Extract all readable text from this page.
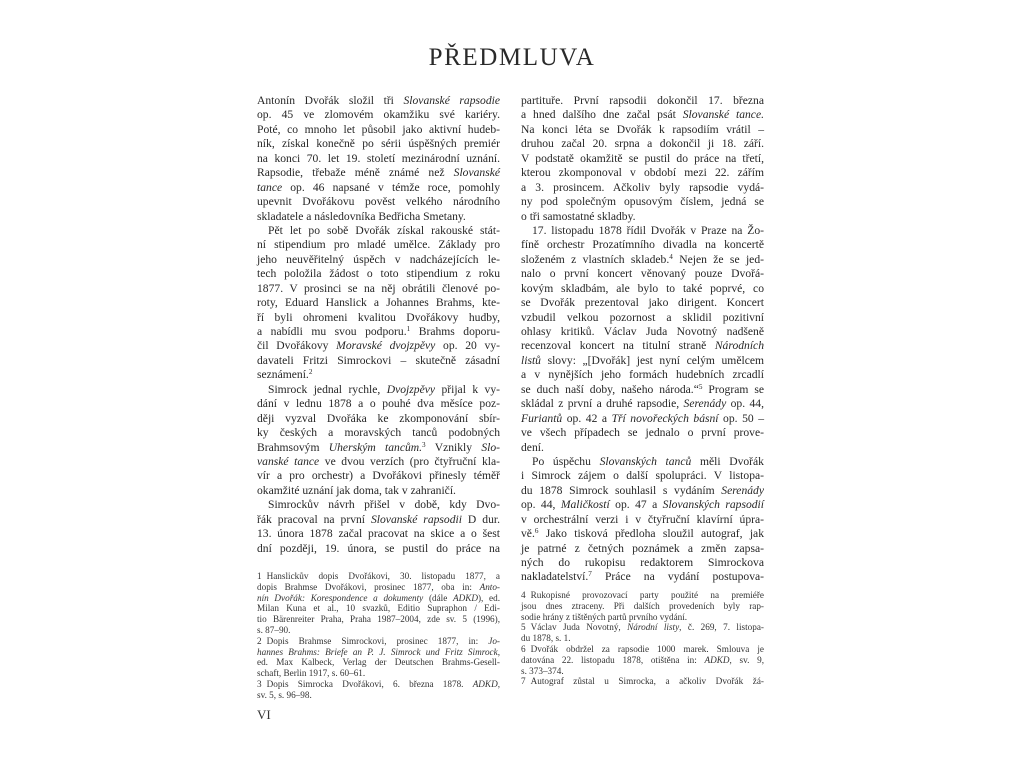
PŘEDMLUVA
Antonín Dvořák složil tři Slovanské rapsodie
op. 45 ve zlomovém okamžiku své kariéry.
Poté, co mnoho let působil jako aktivní hudeb-
ník, získal konečně po sérii úspěšných premiér
na konci 70. let 19. století mezinárodní uznání.
Rapsodie, třebaže méně známé než Slovanské
tance op. 46 napsané v témže roce, pomohly
upevnit Dvořákovu pověst velkého národního
skladatele a následovníka Bedřicha Smetany.
Pět let po sobě Dvořák získal rakouské stát-
ní stipendium pro mladé umělce. Základy pro
jeho neuvěřitelný úspěch v nadcházejících le-
tech položila žádost o toto stipendium z roku
1877. V prosinci se na něj obrátili členové po-
roty, Eduard Hanslick a Johannes Brahms, kte-
ří byli ohromeni kvalitou Dvořákovy hudby,
a nabídli mu svou podporu.$^1$ Brahms doporu-
čil Dvořákovy Moravské dvojzpěvy op. 20 vy-
davateli Fritzi Simrockovi – skutečně zásadní
seznámení.$^2$
Simrock jednal rychle, Dvojzpěvy přijal k vy-
dání v lednu 1878 a o pouhé dva měsíce poz-
ději vyzval Dvořáka ke zkomponování sbír-
ky českých a moravských tanců podobných
Brahmsovým Uherským tancům.$^3$ Vznikly Slo-
vanské tance ve dvou verzích (pro čtyřruční kla-
vír a pro orchestr) a Dvořákovi přinesly téměř
okamžité uznání jak doma, tak v zahraničí.
Simrockův návrh přišel v době, kdy Dvo-
řák pracoval na první Slovanské rapsodii D dur.
13. února 1878 začal pracovat na skice a o šest
dní později, 19. února, se pustil do práce na
partituře. První rapsodii dokončil 17. března
a hned dalšího dne začal psát Slovanské tance.
Na konci léta se Dvořák k rapsodiím vrátil –
druhou začal 20. srpna a dokončil ji 18. září.
V podstatě okamžitě se pustil do práce na třetí,
kterou zkomponoval v období mezi 22. zářím
a 3. prosincem. Ačkoliv byly rapsodie vydá-
ny pod společným opusovým číslem, jedná se
o tři samostatné skladby.
17. listopadu 1878 řídil Dvořák v Praze na Žo-
fíně orchestr Prozatímního divadla na koncertě
složeném z vlastních skladeb.$^4$ Nejen že se jed-
nalo o první koncert věnovaný pouze Dvořá-
kovým skladbám, ale bylo to také poprvé, co
se Dvořák prezentoval jako dirigent. Koncert
vzbudil velkou pozornost a sklidil pozitivní
ohlasy kritiků. Václav Juda Novotný nadšeně
recenzoval koncert na titulní straně Národních
listů slovy: „[Dvořák] jest nyní celým umělcem
a v nynějších jeho formách hudebních zrcadlí
se duch naší doby, našeho národa.“$^5$ Program se
skládal z první a druhé rapsodie, Serenády op. 44,
Furiantů op. 42 a Tří novořeckých básní op. 50 –
ve všech případech se jednalo o první prove-
dení.
Po úspěchu Slovanských tanců měli Dvořák
i Simrock zájem o další spolupráci. V listopa-
du 1878 Simrock souhlasil s vydáním Serenády
op. 44, Maličkostí op. 47 a Slovanských rapsodií
v orchestrální verzi i v čtyřruční klavírní úpra-
vě.$^6$ Jako tisková předloha sloužil autograf, jak
je patrné z četných poznámek a změn zapsa-
ných do rukopisu redaktorem Simrockova
nakladatelství.$^7$ Práce na vydání postupova-
1 Hanslickův dopis Dvořákovi, 30. listopadu 1877, a
dopis Brahmse Dvořákovi, prosinec 1877, oba in: Anto-
nín Dvořák: Korespondence a dokumenty (dále ADKD), ed.
Milan Kuna et al., 10 svazků, Editio Supraphon / Edi-
tio Bärenreiter Praha, Praha 1987–2004, zde sv. 5 (1996),
s. 87–90.
2 Dopis Brahmse Simrockovi, prosinec 1877, in: Jo-
hannes Brahms: Briefe an P. J. Simrock und Fritz Simrock,
ed. Max Kalbeck, Verlag der Deutschen Brahms-Gesell-
schaft, Berlin 1917, s. 60–61.
3 Dopis Simrocka Dvořákovi, 6. března 1878. ADKD,
sv. 5, s. 96–98.
4 Rukopisné provozovací party použité na premiéře
jsou dnes ztraceny. Při dalších provedeních byly rap-
sodie hrány z tištěných partů prvního vydání.
5 Václav Juda Novotný, Národní listy, č. 269, 7. listopa-
du 1878, s. 1.
6 Dvořák obdržel za rapsodie 1000 marek. Smlouva je
datována 22. listopadu 1878, otištěna in: ADKD, sv. 9,
s. 373–374.
7 Autograf zůstal u Simrocka, a ačkoliv Dvořák žá-
VI
